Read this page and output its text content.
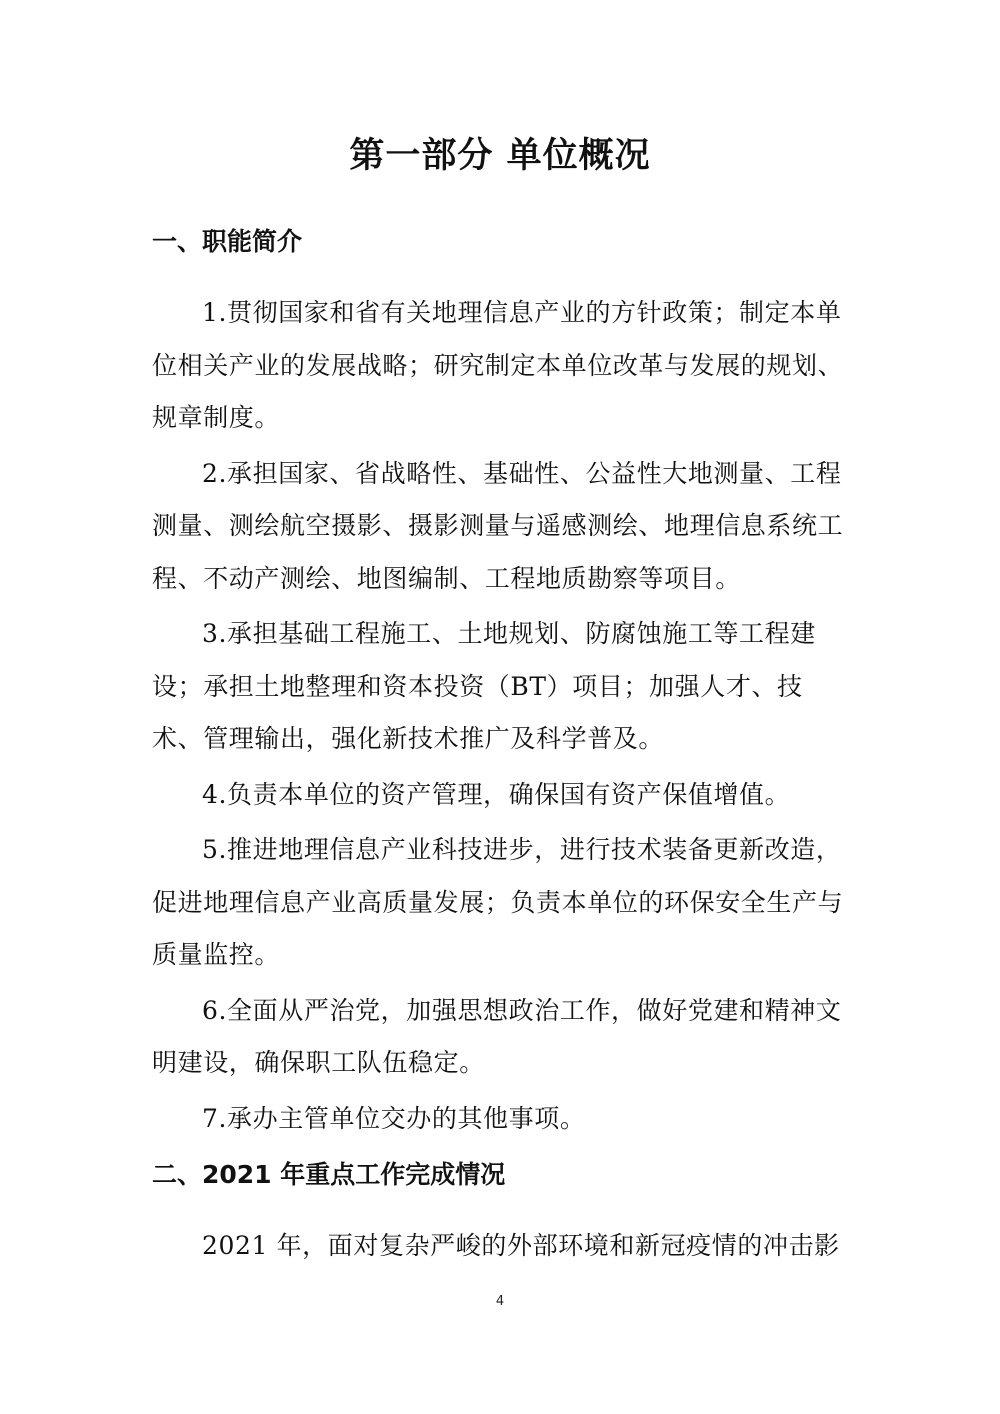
第一部分 单位概况
一、职能简介

1.贯彻国家和省有关地理信息产业的方针政策；制定本单位相关产业的发展战略；研究制定本单位改革与发展的规划、规章制度。

2.承担国家、省战略性、基础性、公益性大地测量、工程测量、测绘航空摄影、摄影测量与遥感测绘、地理信息系统工程、不动产测绘、地图编制、工程地质勘察等项目。

3.承担基础工程施工、土地规划、防腐蚀施工等工程建设；承担土地整理和资本投资（BT）项目；加强人才、技术、管理输出，强化新技术推广及科学普及。

4.负责本单位的资产管理，确保国有资产保值增值。

5.推进地理信息产业科技进步，进行技术装备更新改造，促进地理信息产业高质量发展；负责本单位的环保安全生产与质量监控。

6.全面从严治党，加强思想政治工作，做好党建和精神文明建设，确保职工队伍稳定。

7.承办主管单位交办的其他事项。

二、2021 年重点工作完成情况

2021 年，面对复杂严峻的外部环境和新冠疫情的冲击影

4
